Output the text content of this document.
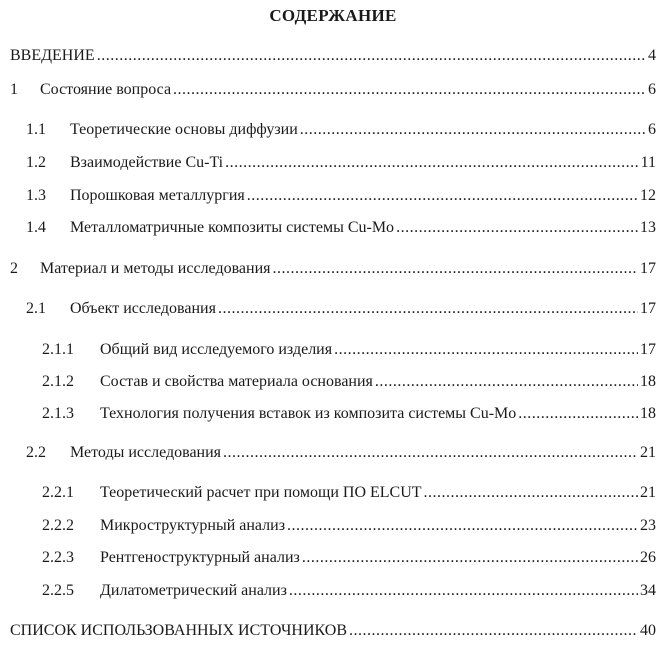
СОДЕРЖАНИЕ
ВВЕДЕНИЕ .....	4
1	Состояние вопроса .....	6
1.1	Теоретические основы диффузии .....	6
1.2	Взаимодействие Cu-Ti .....	11
1.3	Порошковая металлургия .....	12
1.4	Металломатричные композиты системы Cu-Mo .....	13
2	Материал и методы исследования .....	17
2.1	Объект исследования .....	17
2.1.1	Общий вид исследуемого изделия .....	17
2.1.2	Состав и свойства материала основания .....	18
2.1.3	Технология получения вставок из композита системы Cu-Mo .....	18
2.2	Методы исследования .....	21
2.2.1	Теоретический расчет при помощи ПО ELCUT .....	21
2.2.2	Микроструктурный анализ .....	23
2.2.3	Рентгеноструктурный анализ .....	26
2.2.5	Дилатометрический анализ .....	34
СПИСОК ИСПОЛЬЗОВАННЫХ ИСТОЧНИКОВ .....	40
